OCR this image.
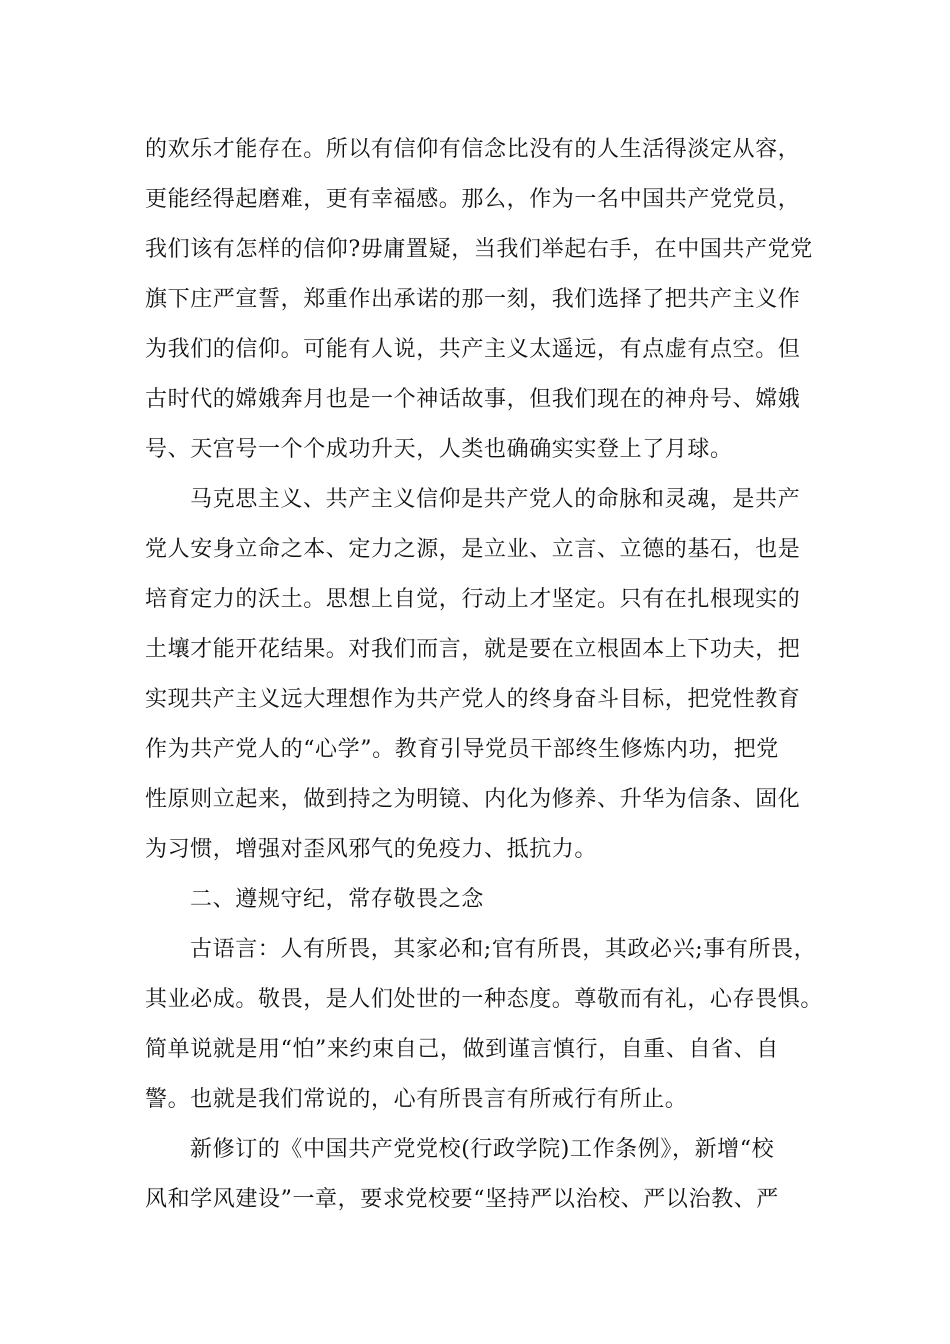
的欢乐才能存在。所以有信仰有信念比没有的人生活得淡定从容，
更能经得起磨难，更有幸福感。那么，作为一名中国共产党党员，
我们该有怎样的信仰?毋庸置疑，当我们举起右手，在中国共产党党
旗下庄严宣誓，郑重作出承诺的那一刻，我们选择了把共产主义作
为我们的信仰。可能有人说，共产主义太遥远，有点虚有点空。但
古时代的嫦娥奔月也是一个神话故事，但我们现在的神舟号、嫦娥
号、天宫号一个个成功升天，人类也确确实实登上了月球。
马克思主义、共产主义信仰是共产党人的命脉和灵魂，是共产
党人安身立命之本、定力之源，是立业、立言、立德的基石，也是
培育定力的沃土。思想上自觉，行动上才坚定。只有在扎根现实的
土壤才能开花结果。对我们而言，就是要在立根固本上下功夫，把
实现共产主义远大理想作为共产党人的终身奋斗目标，把党性教育
作为共产党人的“心学”。教育引导党员干部终生修炼内功，把党
性原则立起来，做到持之为明镜、内化为修养、升华为信条、固化
为习惯，增强对歪风邪气的免疫力、抵抗力。
二、遵规守纪，常存敬畏之念
古语言：人有所畏，其家必和;官有所畏，其政必兴;事有所畏，
其业必成。敬畏，是人们处世的一种态度。尊敬而有礼，心存畏惧。
简单说就是用“怕”来约束自己，做到谨言慎行，自重、自省、自
警。也就是我们常说的，心有所畏言有所戒行有所止。
新修订的《中国共产党党校(行政学院)工作条例》，新增“校
风和学风建设”一章，要求党校要“坚持严以治校、严以治教、严
